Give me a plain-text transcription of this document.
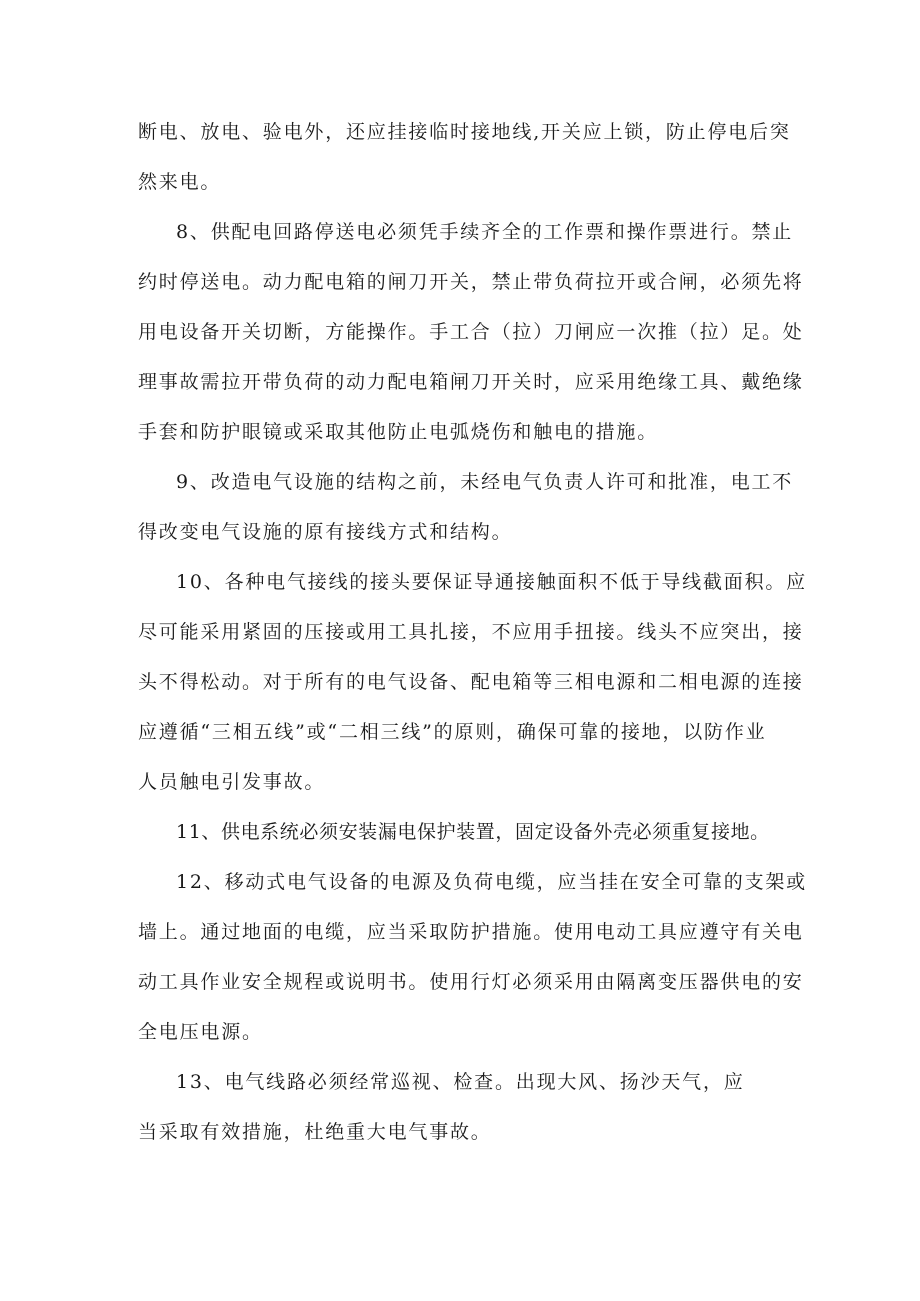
断电、放电、验电外，还应挂接临时接地线,开关应上锁，防止停电后突
然来电。
8、供配电回路停送电必须凭手续齐全的工作票和操作票进行。禁止
约时停送电。动力配电箱的闸刀开关，禁止带负荷拉开或合闸，必须先将
用电设备开关切断，方能操作。手工合（拉）刀闸应一次推（拉）足。处
理事故需拉开带负荷的动力配电箱闸刀开关时，应采用绝缘工具、戴绝缘
手套和防护眼镜或采取其他防止电弧烧伤和触电的措施。
9、改造电气设施的结构之前，未经电气负责人许可和批准，电工不
得改变电气设施的原有接线方式和结构。
10、各种电气接线的接头要保证导通接触面积不低于导线截面积。应
尽可能采用紧固的压接或用工具扎接，不应用手扭接。线头不应突出，接
头不得松动。对于所有的电气设备、配电箱等三相电源和二相电源的连接
应遵循“三相五线”或“二相三线”的原则，确保可靠的接地，以防作业
人员触电引发事故。
11、供电系统必须安装漏电保护装置，固定设备外壳必须重复接地。
12、移动式电气设备的电源及负荷电缆，应当挂在安全可靠的支架或
墙上。通过地面的电缆，应当采取防护措施。使用电动工具应遵守有关电
动工具作业安全规程或说明书。使用行灯必须采用由隔离变压器供电的安
全电压电源。
13、电气线路必须经常巡视、检查。出现大风、扬沙天气，应
当采取有效措施，杜绝重大电气事故。
